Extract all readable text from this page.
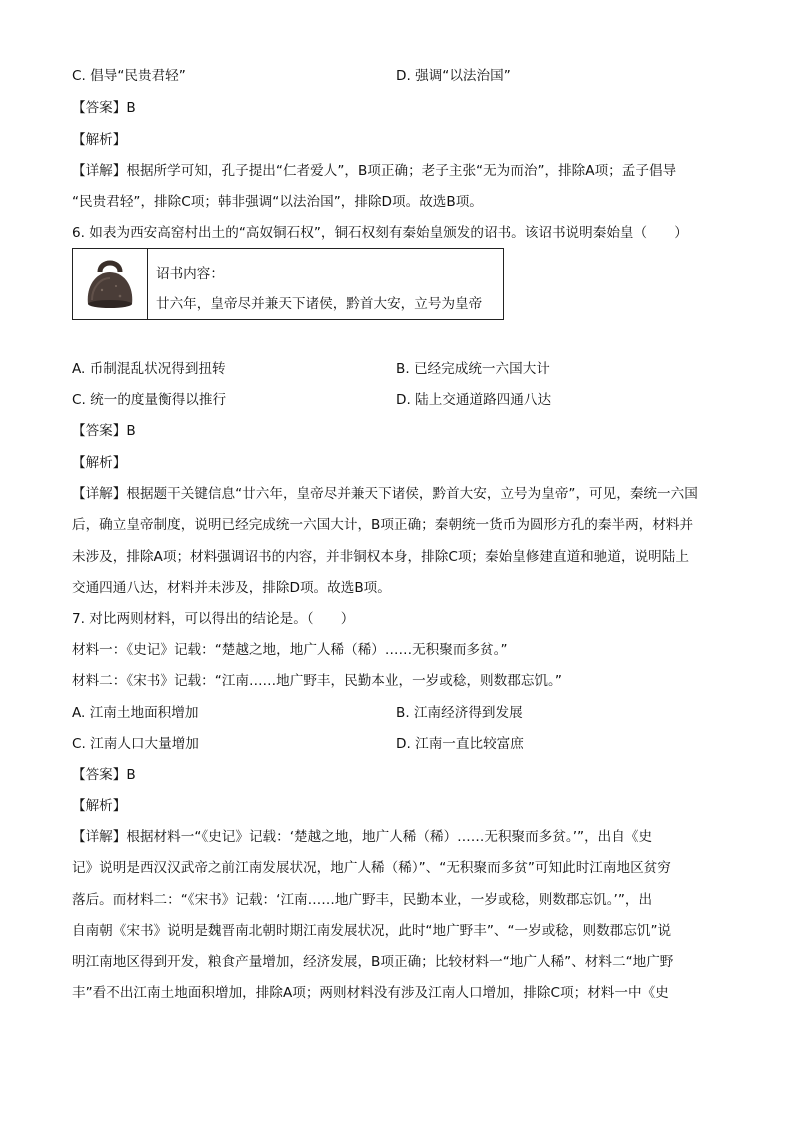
C. 倡导“民贵君轻”	D. 强调“以法治国”
【答案】B
【解析】
【详解】根据所学可知，孔子提出“仁者爱人”，B项正确；老子主张“无为而治”，排除A项；孟子倡导
“民贵君轻”，排除C项；韩非强调“以法治国”，排除D项。故选B项。
6. 如表为西安高窑村出土的“高奴铜石权”，铜石权刻有秦始皇颁发的诏书。该诏书说明秦始皇（　　）
诏书内容：
廿六年，皇帝尽并兼天下诸侯，黔首大安，立号为皇帝
A. 币制混乱状况得到扭转	B. 已经完成统一六国大计
C. 统一的度量衡得以推行	D. 陆上交通道路四通八达
【答案】B
【解析】
【详解】根据题干关键信息“廿六年，皇帝尽并兼天下诸侯，黔首大安，立号为皇帝”，可见，秦统一六国
后，确立皇帝制度，说明已经完成统一六国大计，B项正确；秦朝统一货币为圆形方孔的秦半两，材料并
未涉及，排除A项；材料强调诏书的内容，并非铜权本身，排除C项；秦始皇修建直道和驰道，说明陆上
交通四通八达，材料并未涉及，排除D项。故选B项。
7. 对比两则材料，可以得出的结论是。（　　）
材料一：《史记》记载：“楚越之地，地广人稀（稀）……无积聚而多贫。”
材料二：《宋书》记载：“江南……地广野丰，民勤本业，一岁或稔，则数郡忘饥。”
A. 江南土地面积增加	B. 江南经济得到发展
C. 江南人口大量增加	D. 江南一直比较富庶
【答案】B
【解析】
【详解】根据材料一“《史记》记载：‘楚越之地，地广人稀（稀）……无积聚而多贫。’”，出自《史
记》说明是西汉汉武帝之前江南发展状况，地广人稀（稀）”、“无积聚而多贫”可知此时江南地区贫穷
落后。而材料二：“《宋书》记载：‘江南……地广野丰，民勤本业，一岁或稔，则数郡忘饥。’”，出
自南朝《宋书》说明是魏晋南北朝时期江南发展状况，此时“地广野丰”、“一岁或稔，则数郡忘饥”说
明江南地区得到开发，粮食产量增加，经济发展，B项正确；比较材料一“地广人稀”、材料二“地广野
丰”看不出江南土地面积增加，排除A项；两则材料没有涉及江南人口增加，排除C项；材料一中《史
